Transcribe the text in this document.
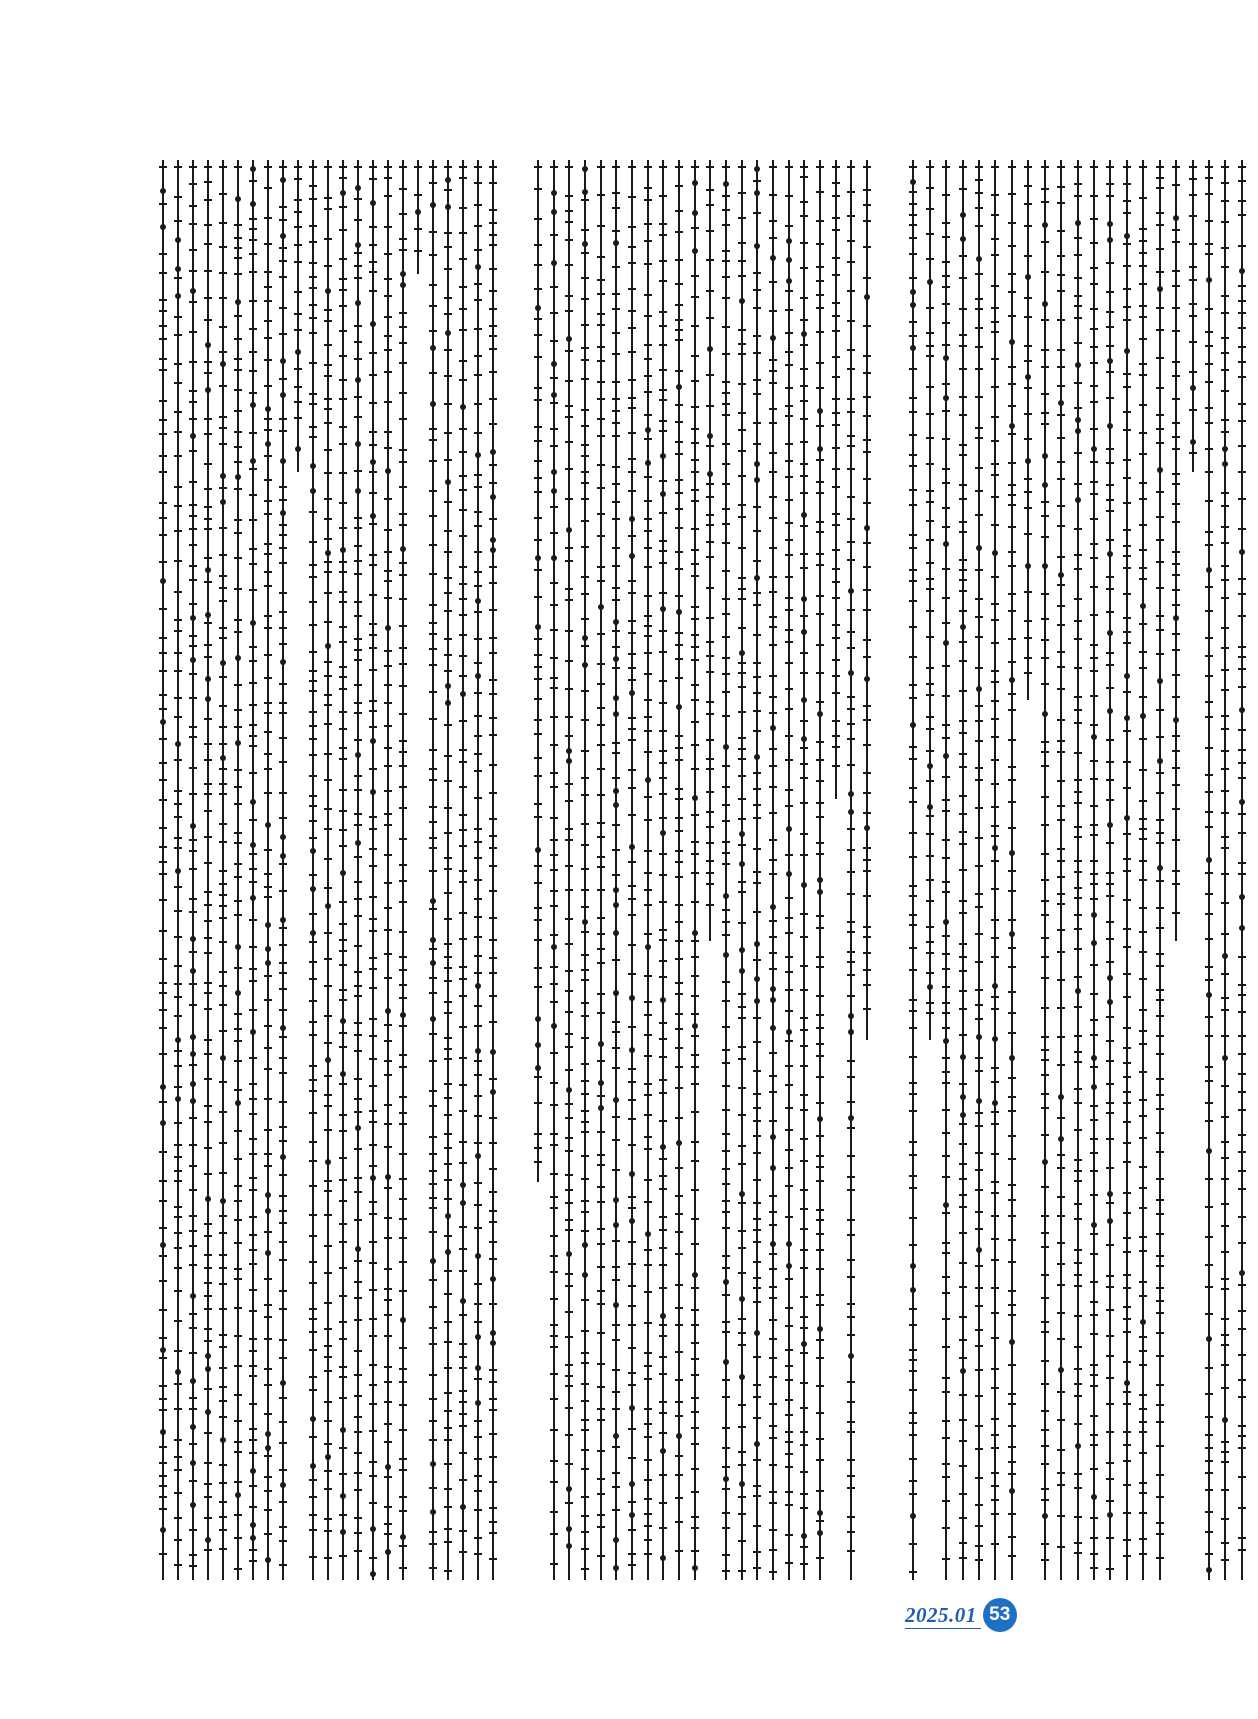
2025.01 53
